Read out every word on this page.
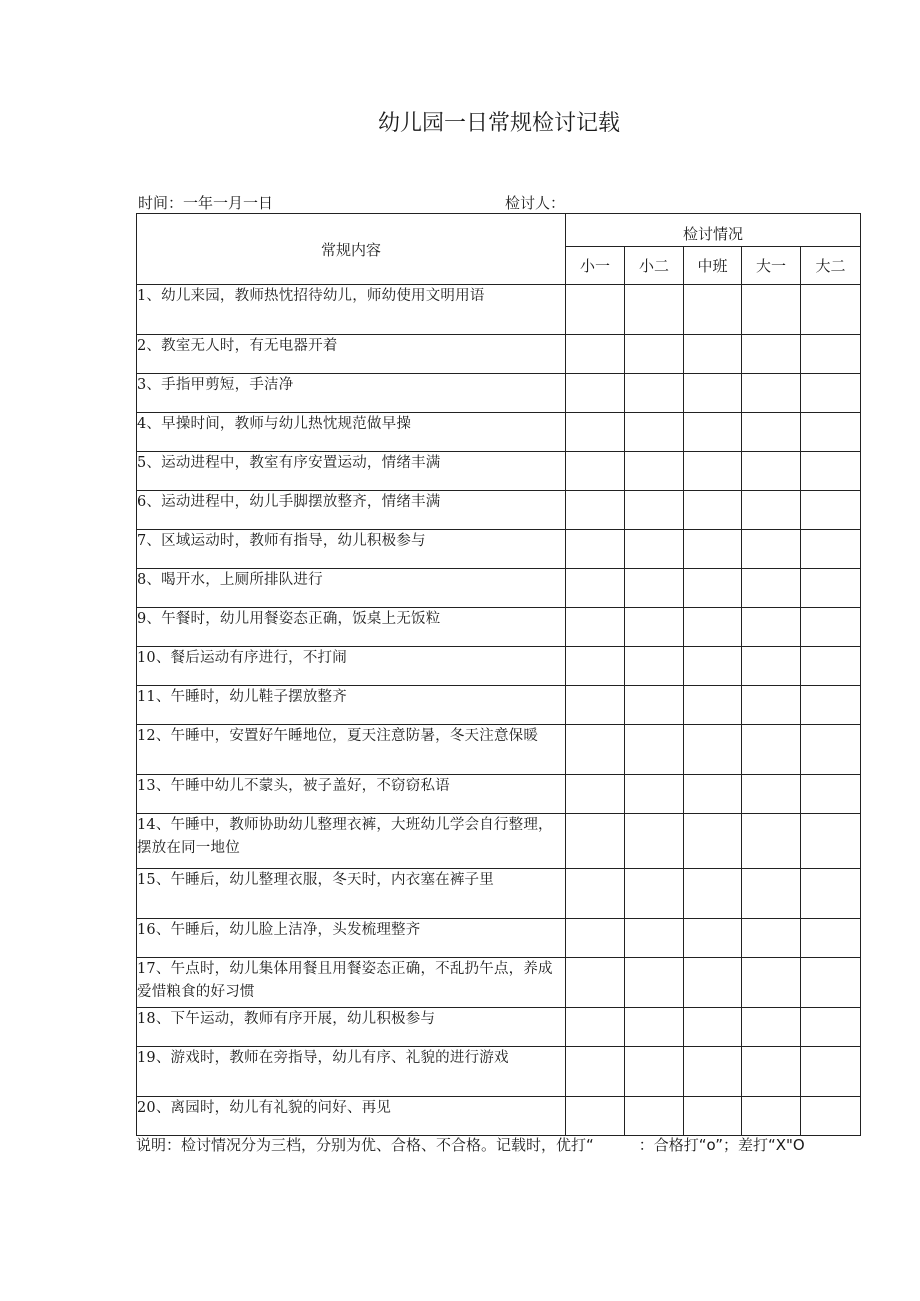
幼儿园一日常规检讨记载
时间：一年一月一日	检讨人：
常规内容	检讨情况				
	小一	小二	中班	大一	大二
1、幼儿来园，教师热忱招待幼儿，师幼使用文明用语					
2、教室无人时，有无电器开着					
3、手指甲剪短，手洁净					
4、早操时间，教师与幼儿热忱规范做早操					
5、运动进程中，教室有序安置运动，情绪丰满					
6、运动进程中，幼儿手脚摆放整齐，情绪丰满					
7、区域运动时，教师有指导，幼儿积极参与					
8、喝开水，上厕所排队进行					
9、午餐时，幼儿用餐姿态正确，饭桌上无饭粒					
10、餐后运动有序进行，不打闹					
11、午睡时，幼儿鞋子摆放整齐					
12、午睡中，安置好午睡地位，夏天注意防暑，冬天注意保暖					
13、午睡中幼儿不蒙头，被子盖好，不窃窃私语					
14、午睡中，教师协助幼儿整理衣裤，大班幼儿学会自行整理，摆放在同一地位					
15、午睡后，幼儿整理衣服，冬天时，内衣塞在裤子里					
16、午睡后，幼儿脸上洁净，头发梳理整齐					
17、午点时，幼儿集体用餐且用餐姿态正确，不乱扔午点，养成爱惜粮食的好习惯					
18、下午运动，教师有序开展，幼儿积极参与					
19、游戏时，教师在旁指导，幼儿有序、礼貌的进行游戏					
20、离园时，幼儿有礼貌的问好、再见					
说明：检讨情况分为三档，分别为优、合格、不合格。记载时，优打“　　　：合格打“o”；差打“X"O
